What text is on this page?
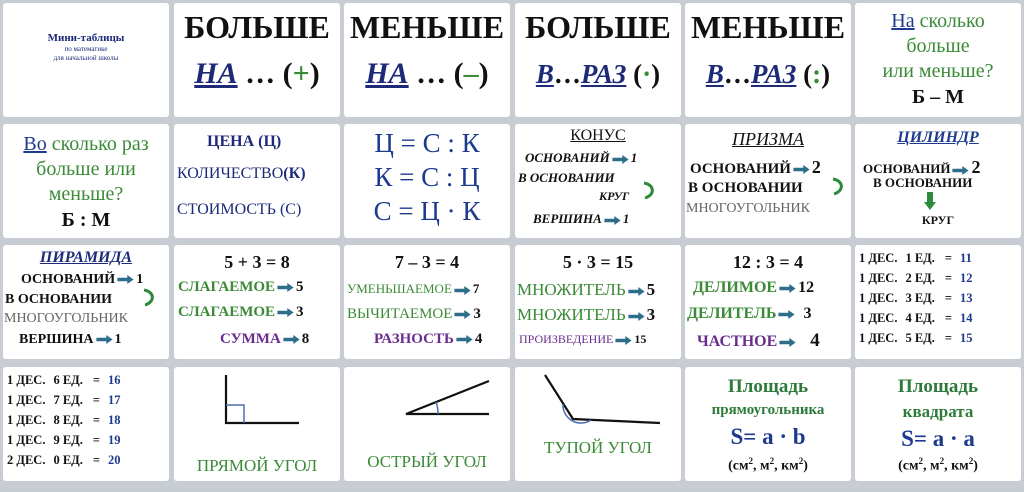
Мини-таблицы
по математике
для начальной школы
БОЛЬШЕ
НА … (+)
МЕНЬШЕ
НА … (–)
БОЛЬШЕ
В…РАЗ (·)
МЕНЬШЕ
В…РАЗ (:)
На сколько
больше
или меньше?
Б – М
Во сколько раз
больше или
меньше?
Б : М
ЦЕНА (Ц)
КОЛИЧЕСТВО(К)
СТОИМОСТЬ (С)
Ц = С : К
К = С : Ц
С = Ц · К
КОНУС
ОСНОВАНИЙ 1
В ОСНОВАНИИ
КРУГ
ВЕРШИНА 1
ПРИЗМА
ОСНОВАНИЙ 2
В ОСНОВАНИИ
МНОГОУГОЛЬНИК
ЦИЛИНДР
ОСНОВАНИЙ 2
В ОСНОВАНИИ
КРУГ
ПИРАМИДА
ОСНОВАНИЙ 1
В ОСНОВАНИИ
МНОГОУГОЛЬНИК
ВЕРШИНА 1
5 + 3 = 8
СЛАГАЕМОЕ 5
СЛАГАЕМОЕ 3
СУММА 8
7 – 3 = 4
УМЕНЬШАЕМОЕ 7
ВЫЧИТАЕМОЕ 3
РАЗНОСТЬ 4
5 · 3 = 15
МНОЖИТЕЛЬ 5
МНОЖИТЕЛЬ 3
ПРОИЗВЕДЕНИЕ 15
12 : 3 = 4
ДЕЛИМОЕ 12
ДЕЛИТЕЛЬ 3
ЧАСТНОЕ 4
1 ДЕС. 1 ЕД. = 11
1 ДЕС. 2 ЕД. = 12
1 ДЕС. 3 ЕД. = 13
1 ДЕС. 4 ЕД. = 14
1 ДЕС. 5 ЕД. = 15
1 ДЕС. 6 ЕД. = 16
1 ДЕС. 7 ЕД. = 17
1 ДЕС. 8 ЕД. = 18
1 ДЕС. 9 ЕД. = 19
2 ДЕС. 0 ЕД. = 20	ПРЯМОЙ УГОЛ	ОСТРЫЙ УГОЛ
ТУПОЙ УГОЛ
Площадь
прямоугольника
S= a · b
($см^2$, $м^2$, $км^2$)
Площадь
квадрата
S= a · a
($см^2$, $м^2$, $км^2$)
